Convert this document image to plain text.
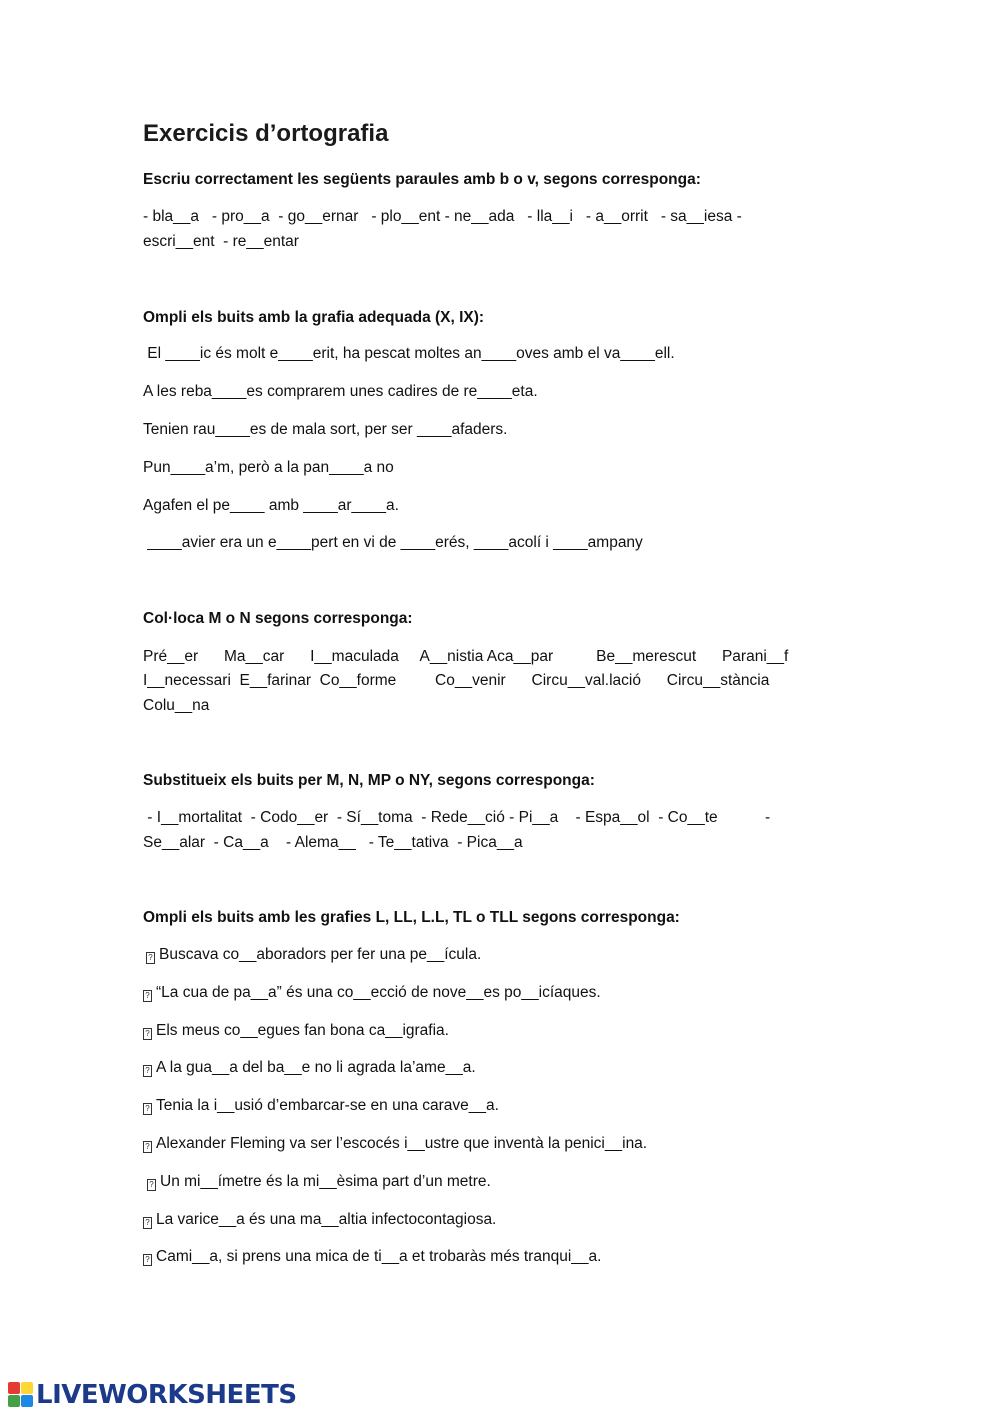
Exercicis d’ortografia
Escriu correctament les següents paraules amb b o v, segons corresponga:
- bla__a   - pro__a  - go__ernar   - plo__ent - ne__ada   - lla__i   - a__orrit   - sa__iesa -
escri__ent  - re__entar
Ompli els buits amb la grafia adequada (X, IX):
El ____ic és molt e____erit, ha pescat moltes an____oves amb el va____ell.
A les reba____es comprarem unes cadires de re____eta.
Tenien rau____es de mala sort, per ser ____afaders.
Pun____a’m, però a la pan____a no
Agafen el pe____ amb ____ar____a.
____avier era un e____pert en vi de ____erés, ____acolí i ____ampany
Col·loca M o N segons corresponga:
Pré__er      Ma__car      I__maculada     A__nistia Aca__par          Be__merescut      Parani__f
I__necessari  E__farinar  Co__forme         Co__venir      Circu__val.lació      Circu__stància
Colu__na
Substitueix els buits per M, N, MP o NY, segons corresponga:
- I__mortalitat  - Codo__er  - Sí__toma  - Rede__ció - Pi__a    - Espa__ol  - Co__te           -
Se__alar  - Ca__a    - Alema__   - Te__tativa  - Pica__a
Ompli els buits amb les grafies L, LL, L.L, TL o TLL segons corresponga:
? Buscava co__aboradors per fer una pe__ícula.
? “La cua de pa__a” és una co__ecció de nove__es po__icíaques.
? Els meus co__egues fan bona ca__igrafia.
? A la gua__a del ba__e no li agrada la’ame__a.
? Tenia la i__usió d’embarcar-se en una carave__a.
? Alexander Fleming va ser l’escocés i__ustre que inventà la penici__ina.
? Un mi__ímetre és la mi__èsima part d’un metre.
? La varice__a és una ma__altia infectocontagiosa.
? Cami__a, si prens una mica de ti__a et trobaràs més tranqui__a.
LIVEWORKSHEETS
